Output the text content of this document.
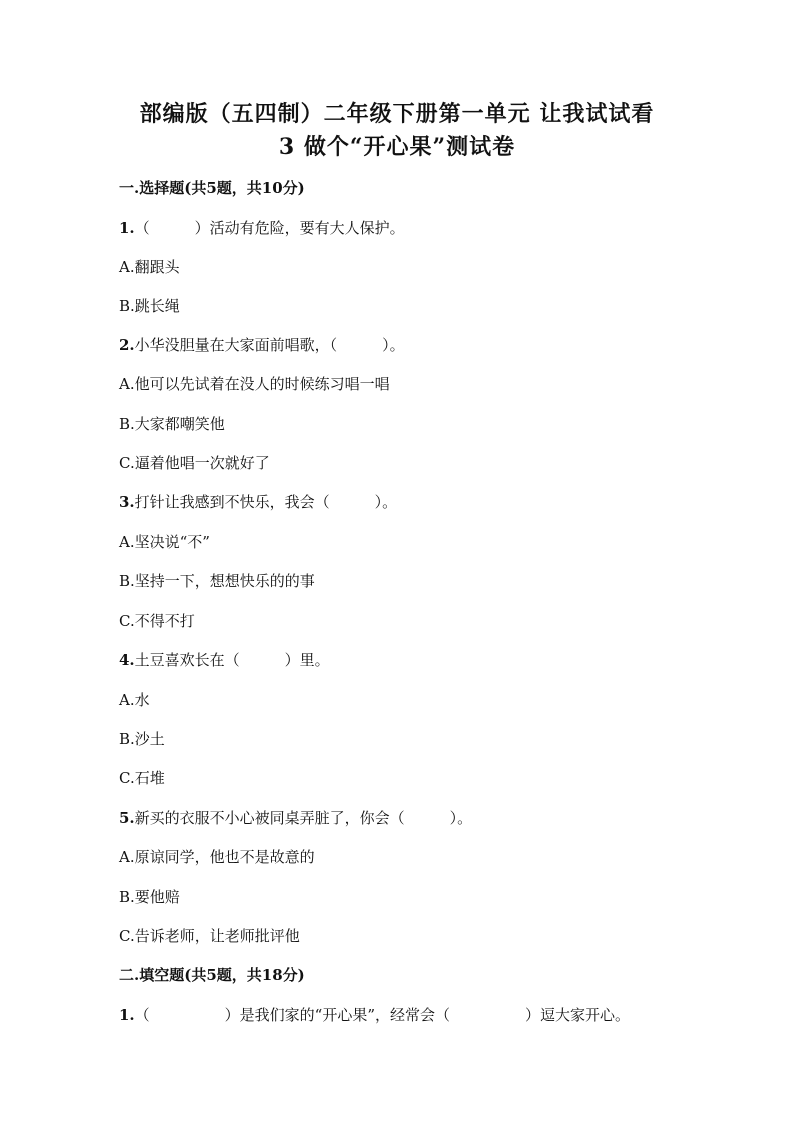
部编版（五四制）二年级下册第一单元 让我试试看
3 做个“开心果”测试卷
一.选择题(共5题，共10分)
1.（　　　）活动有危险，要有大人保护。
A.翻跟头
B.跳长绳
2.小华没胆量在大家面前唱歌，（　　　）。
A.他可以先试着在没人的时候练习唱一唱
B.大家都嘲笑他
C.逼着他唱一次就好了
3.打针让我感到不快乐，我会（　　　）。
A.坚决说“不”
B.坚持一下，想想快乐的的事
C.不得不打
4.土豆喜欢长在（　　　）里。
A.水
B.沙土
C.石堆
5.新买的衣服不小心被同桌弄脏了，你会（　　　）。
A.原谅同学，他也不是故意的
B.要他赔
C.告诉老师，让老师批评他
二.填空题(共5题，共18分)
1.（　　　　　）是我们家的“开心果”，经常会（　　　　　）逗大家开心。
